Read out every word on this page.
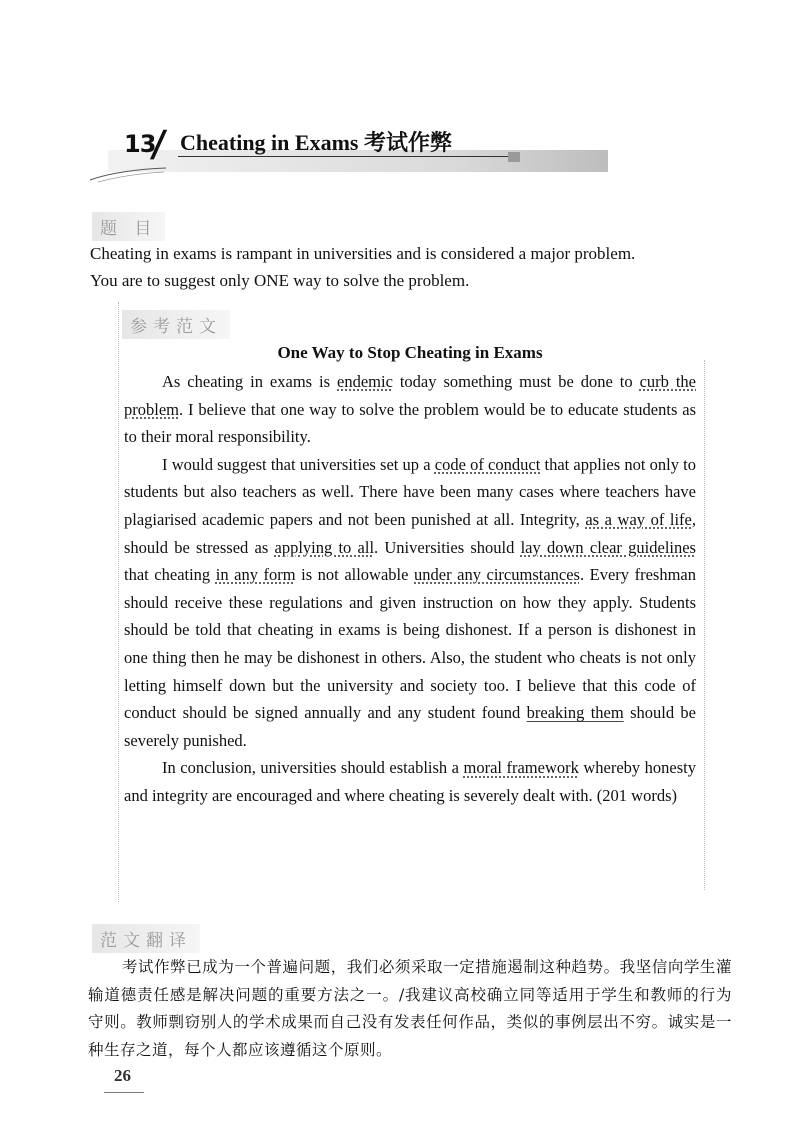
13
/ Cheating in Exams 考试作弊
题 目
Cheating in exams is rampant in universities and is considered a major problem.
You are to suggest only ONE way to solve the problem.
参考范文
One Way to Stop Cheating in Exams

As cheating in exams is endemic today something must be done to curb the problem. I believe that one way to solve the problem would be to educate students as to their moral responsibility.

I would suggest that universities set up a code of conduct that applies not only to students but also teachers as well. There have been many cases where teachers have plagiarised academic papers and not been punished at all. Integrity, as a way of life, should be stressed as applying to all. Universities should lay down clear guidelines that cheating in any form is not allowable under any circumstances. Every freshman should receive these regulations and given instruction on how they apply. Students should be told that cheating in exams is being dishonest. If a person is dishonest in one thing then he may be dishonest in others. Also, the student who cheats is not only letting himself down but the university and society too. I believe that this code of conduct should be signed annually and any student found breaking them should be severely punished.

In conclusion, universities should establish a moral framework whereby honesty and integrity are encouraged and where cheating is severely dealt with. (201 words)

范文翻译

考试作弊已成为一个普遍问题，我们必须采取一定措施遏制这种趋势。我坚信向学生灌输道德责任感是解决问题的重要方法之一。/我建议高校确立同等适用于学生和教师的行为守则。教师剽窃别人的学术成果而自己没有发表任何作品，类似的事例层出不穷。诚实是一种生存之道，每个人都应该遵循这个原则。

26
